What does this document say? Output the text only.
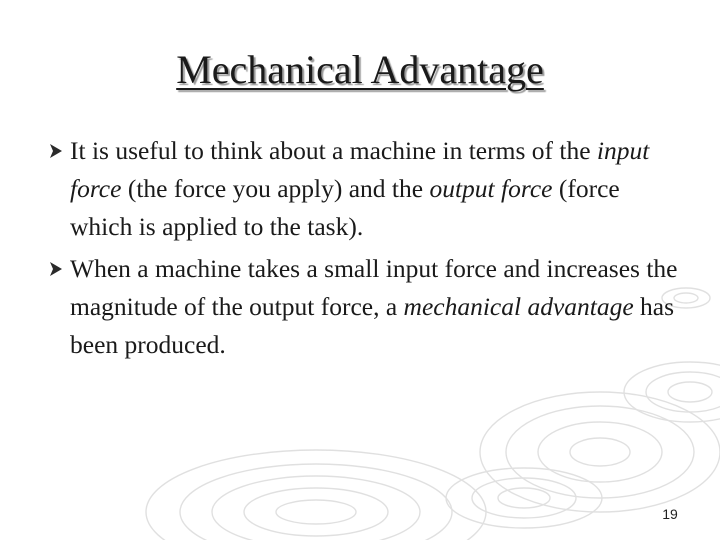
Mechanical Advantage
It is useful to think about a machine in terms of the input force (the force you apply) and the output force (force which is applied to the task).
When a machine takes a small input force and increases the magnitude of the output force, a mechanical advantage has been produced.
19
